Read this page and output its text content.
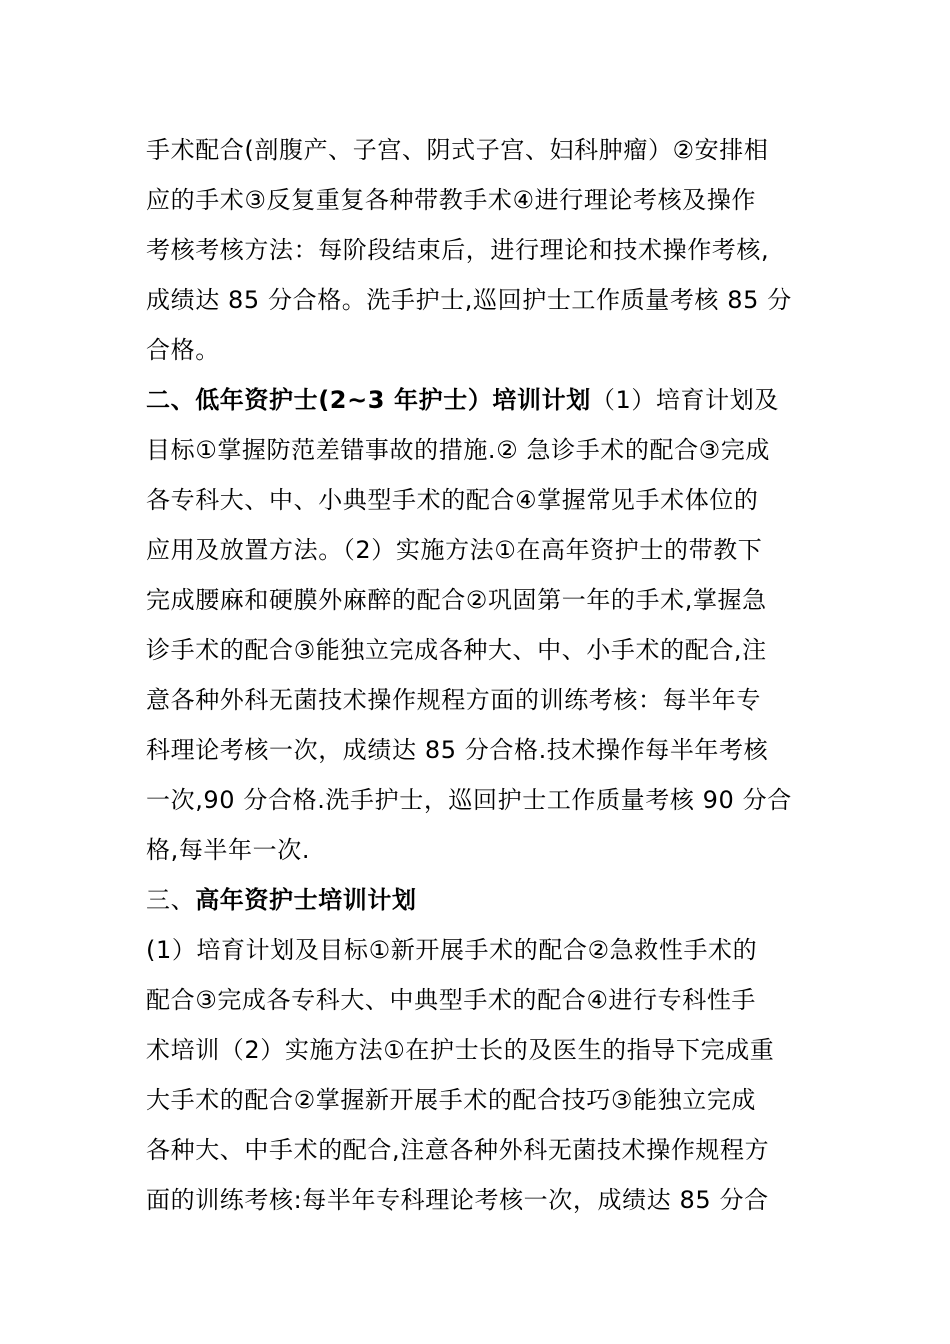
手术配合(剖腹产、子宫、阴式子宫、妇科肿瘤）②安排相
应的手术③反复重复各种带教手术④进行理论考核及操作
考核考核方法：每阶段结束后，进行理论和技术操作考核,
成绩达 85 分合格。洗手护士,巡回护士工作质量考核 85 分
合格。
二、低年资护士(2~3 年护士）培训计划（1）培育计划及
目标①掌握防范差错事故的措施.② 急诊手术的配合③完成
各专科大、中、小典型手术的配合④掌握常见手术体位的
应用及放置方法。（2）实施方法①在高年资护士的带教下
完成腰麻和硬膜外麻醉的配合②巩固第一年的手术,掌握急
诊手术的配合③能独立完成各种大、中、小手术的配合,注
意各种外科无菌技术操作规程方面的训练考核：每半年专
科理论考核一次，成绩达 85 分合格.技术操作每半年考核
一次,90 分合格.洗手护士，巡回护士工作质量考核 90 分合
格,每半年一次.
三、高年资护士培训计划
(1）培育计划及目标①新开展手术的配合②急救性手术的
配合③完成各专科大、中典型手术的配合④进行专科性手
术培训（2）实施方法①在护士长的及医生的指导下完成重
大手术的配合②掌握新开展手术的配合技巧③能独立完成
各种大、中手术的配合,注意各种外科无菌技术操作规程方
面的训练考核:每半年专科理论考核一次，成绩达 85 分合
